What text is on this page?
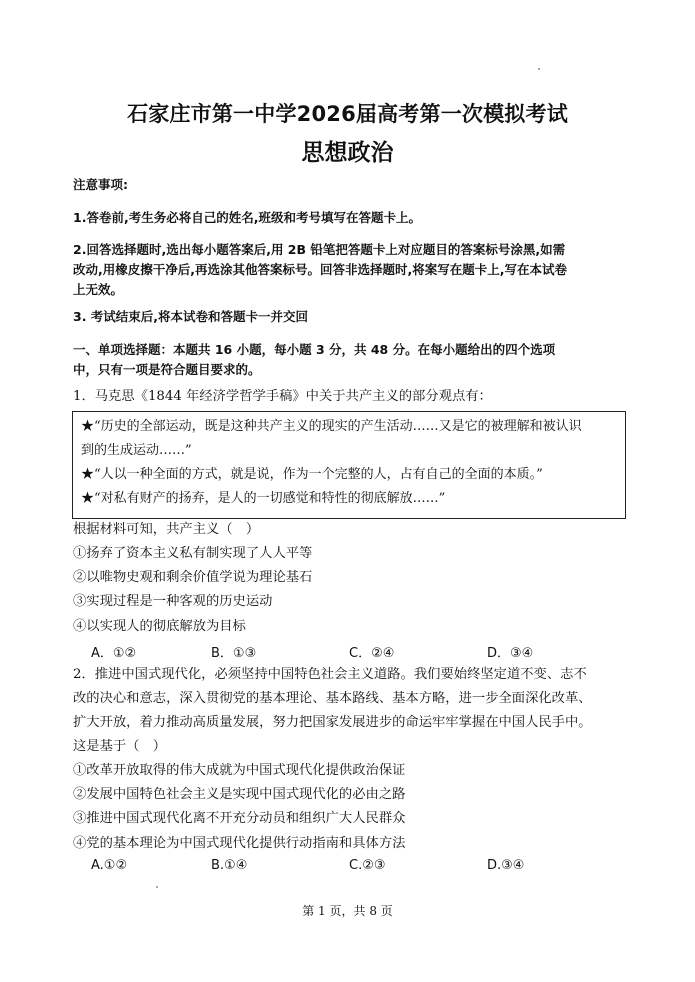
石家庄市第一中学2026届高考第一次模拟考试
思想政治
注意事项:
1.答卷前,考生务必将自己的姓名,班级和考号填写在答题卡上。
2.回答选择题时,选出每小题答案后,用 2B 铅笔把答题卡上对应题目的答案标号涂黑,如需
改动,用橡皮擦干净后,再选涂其他答案标号。回答非选择题时,将案写在题卡上,写在本试卷
上无效。
3. 考试结束后,将本试卷和答题卡一并交回
一、单项选择题：本题共 16 小题，每小题 3 分，共 48 分。在每小题给出的四个选项
中，只有一项是符合题目要求的。
1．马克思《1844 年经济学哲学手稿》中关于共产主义的部分观点有：
★“历史的全部运动，既是这种共产主义的现实的产生活动……又是它的被理解和被认识
到的生成运动……”
★“人以一种全面的方式，就是说，作为一个完整的人，占有自己的全面的本质。”
★“对私有财产的扬弃，是人的一切感觉和特性的彻底解放……”
根据材料可知，共产主义（　）
①扬弃了资本主义私有制实现了人人平等
②以唯物史观和剩余价值学说为理论基石
③实现过程是一种客观的历史运动
④以实现人的彻底解放为目标
A．①②	B．①③	C．②④	D．③④
2．推进中国式现代化，必须坚持中国特色社会主义道路。我们要始终坚定道不变、志不
改的决心和意志，深入贯彻党的基本理论、基本路线、基本方略，进一步全面深化改革、
扩大开放，着力推动高质量发展，努力把国家发展进步的命运牢牢掌握在中国人民手中。
这是基于（　）
①改革开放取得的伟大成就为中国式现代化提供政治保证
②发展中国特色社会主义是实现中国式现代化的必由之路
③推进中国式现代化离不开充分动员和组织广大人民群众
④党的基本理论为中国式现代化提供行动指南和具体方法
A.①②	B.①④	C.②③	D.③④
第 1 页，共 8 页
